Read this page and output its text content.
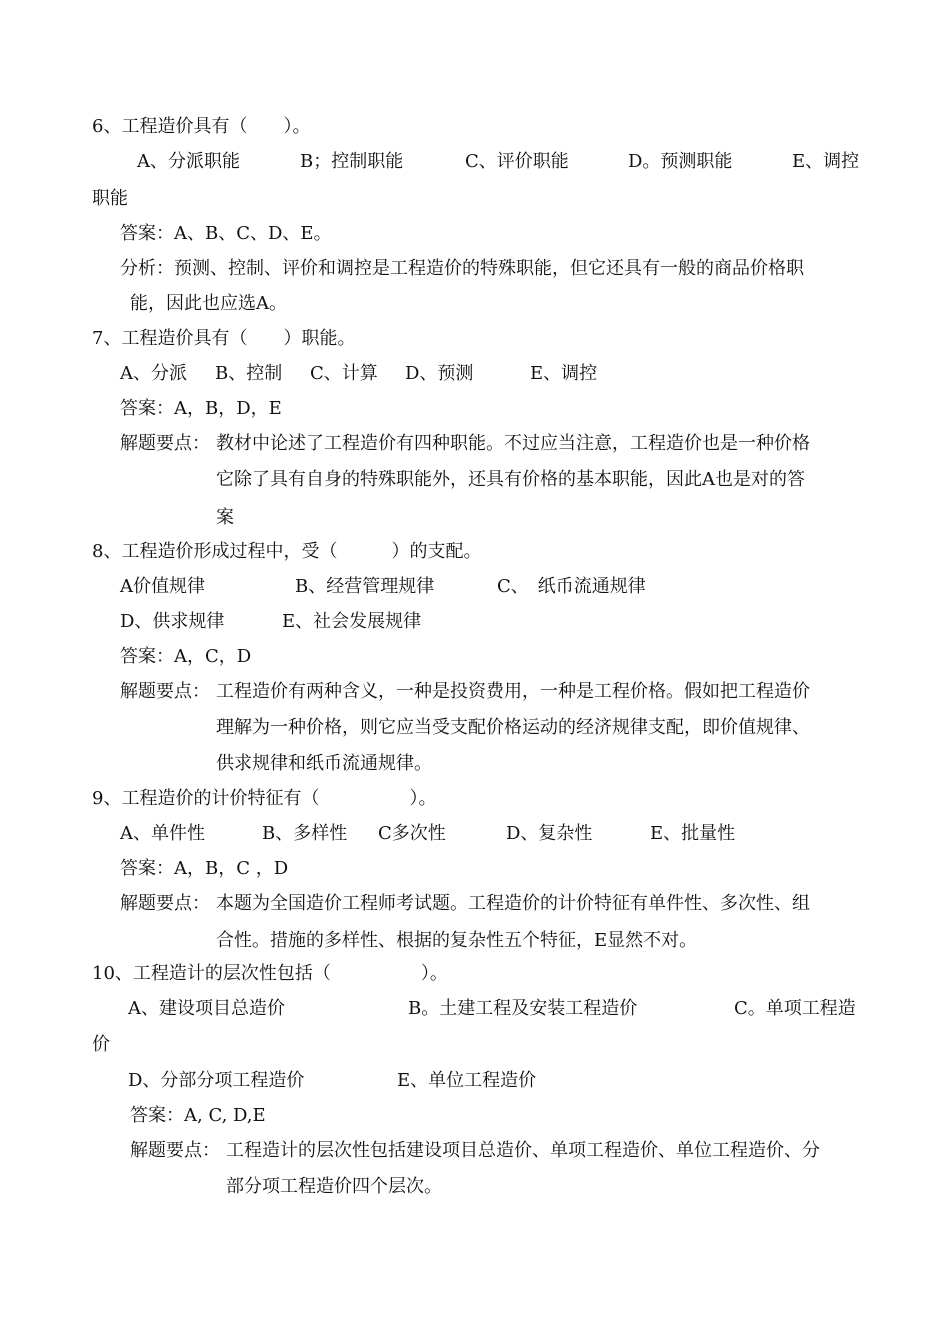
6、工程造价具有（　　）。
A、分派职能	B；控制职能	C、评价职能	D。预测职能	E、调控
职能
答案：A、B、C、D、E。
分析：预测、控制、评价和调控是工程造价的特殊职能，但它还具有一般的商品价格职
能，因此也应选A。
7、工程造价具有（　　）职能。
A、分派 B、控制 C、计算 D、预测	E、调控
答案：A，B，D，E
解题要点： 教材中论述了工程造价有四种职能。不过应当注意，工程造价也是一种价格
它除了具有自身的特殊职能外，还具有价格的基本职能，因此A也是对的答
案
8、工程造价形成过程中，受（　　　）的支配。
A价值规律	B、经营管理规律	C、　纸币流通规律
D、供求规律	E、社会发展规律
答案：A，C，D
解题要点： 工程造价有两种含义，一种是投资费用，一种是工程价格。假如把工程造价
理解为一种价格，则它应当受支配价格运动的经济规律支配，即价值规律、
供求规律和纸币流通规律。
9、工程造价的计价特征有（　　　　　）。
A、单件性	B、多样性 C多次性	D、复杂性	E、批量性
答案：A，B，C ，D
解题要点： 本题为全国造价工程师考试题。工程造价的计价特征有单件性、多次性、组
合性。措施的多样性、根据的复杂性五个特征，E显然不对。
10、工程造计的层次性包括（　　　　　）。
A、建设项目总造价	B。土建工程及安装工程造价	C。单项工程造
价
D、分部分项工程造价	E、单位工程造价
答案：A, C, D,E
解题要点： 工程造计的层次性包括建设项目总造价、单项工程造价、单位工程造价、分
部分项工程造价四个层次。
